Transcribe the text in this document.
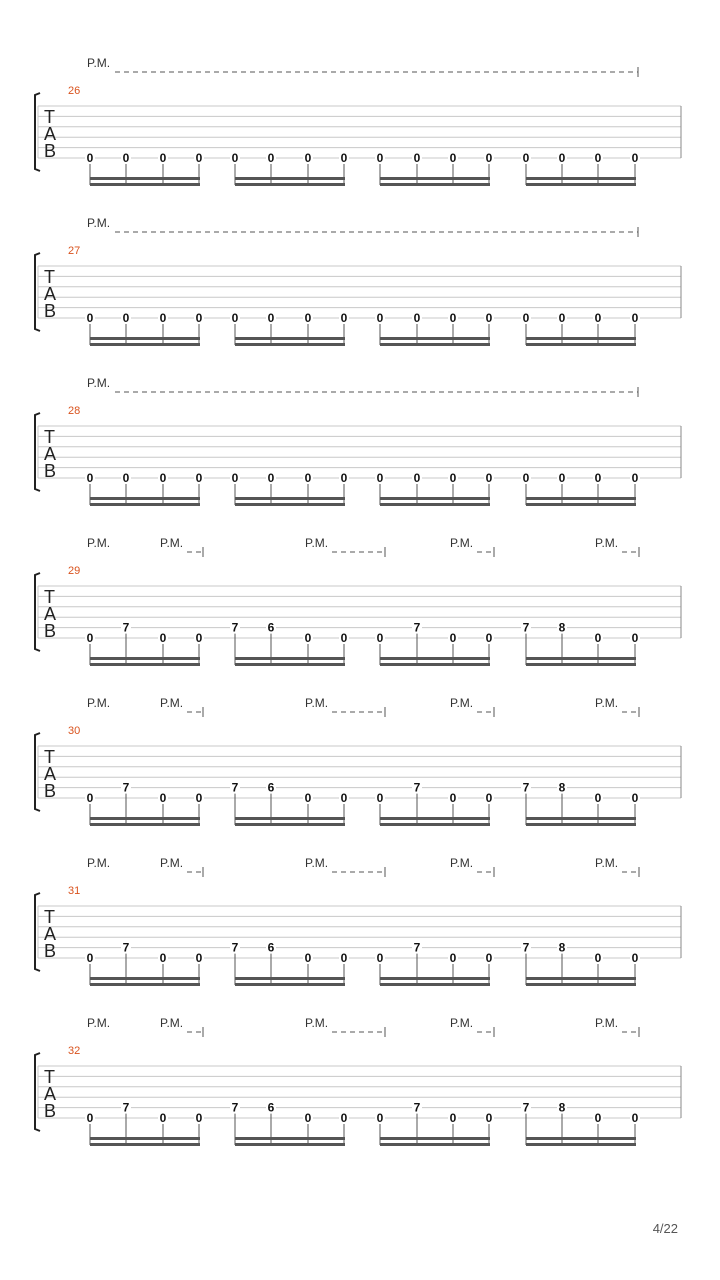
P.M.
26
T
A
B	0 0	0 0 0 0	0 0 0	0 0 0	0 0 0	0
P.M.
27
T
A
B	0 0	0 0 0 0	0 0 0	0 0 0	0 0 0	0
P.M.
28
T
A
B	0 0	0 0 0 0	0 0 0	0 0 0	0 0 0	0
P.M.	P.M.	P.M.	P.M.	P.M.
29
T
A
B	0
7
0 0
7 6
0 0 0
7
0 0
7 8
0	0
P.M.	P.M.	P.M.	P.M.	P.M.
30
T
A
B	0
7
0 0
7 6
0 0 0
7
0 0
7 8
0	0
P.M.	P.M.	P.M.	P.M.	P.M.
31
T
A
B	0
7
0 0
7 6
0 0 0
7
0 0
7 8
0	0
P.M.	P.M.	P.M.	P.M.	P.M.
32
T
A
B	0
7
0 0
7 6
0 0 0
7
0 0
7 8
0	0
4/22
